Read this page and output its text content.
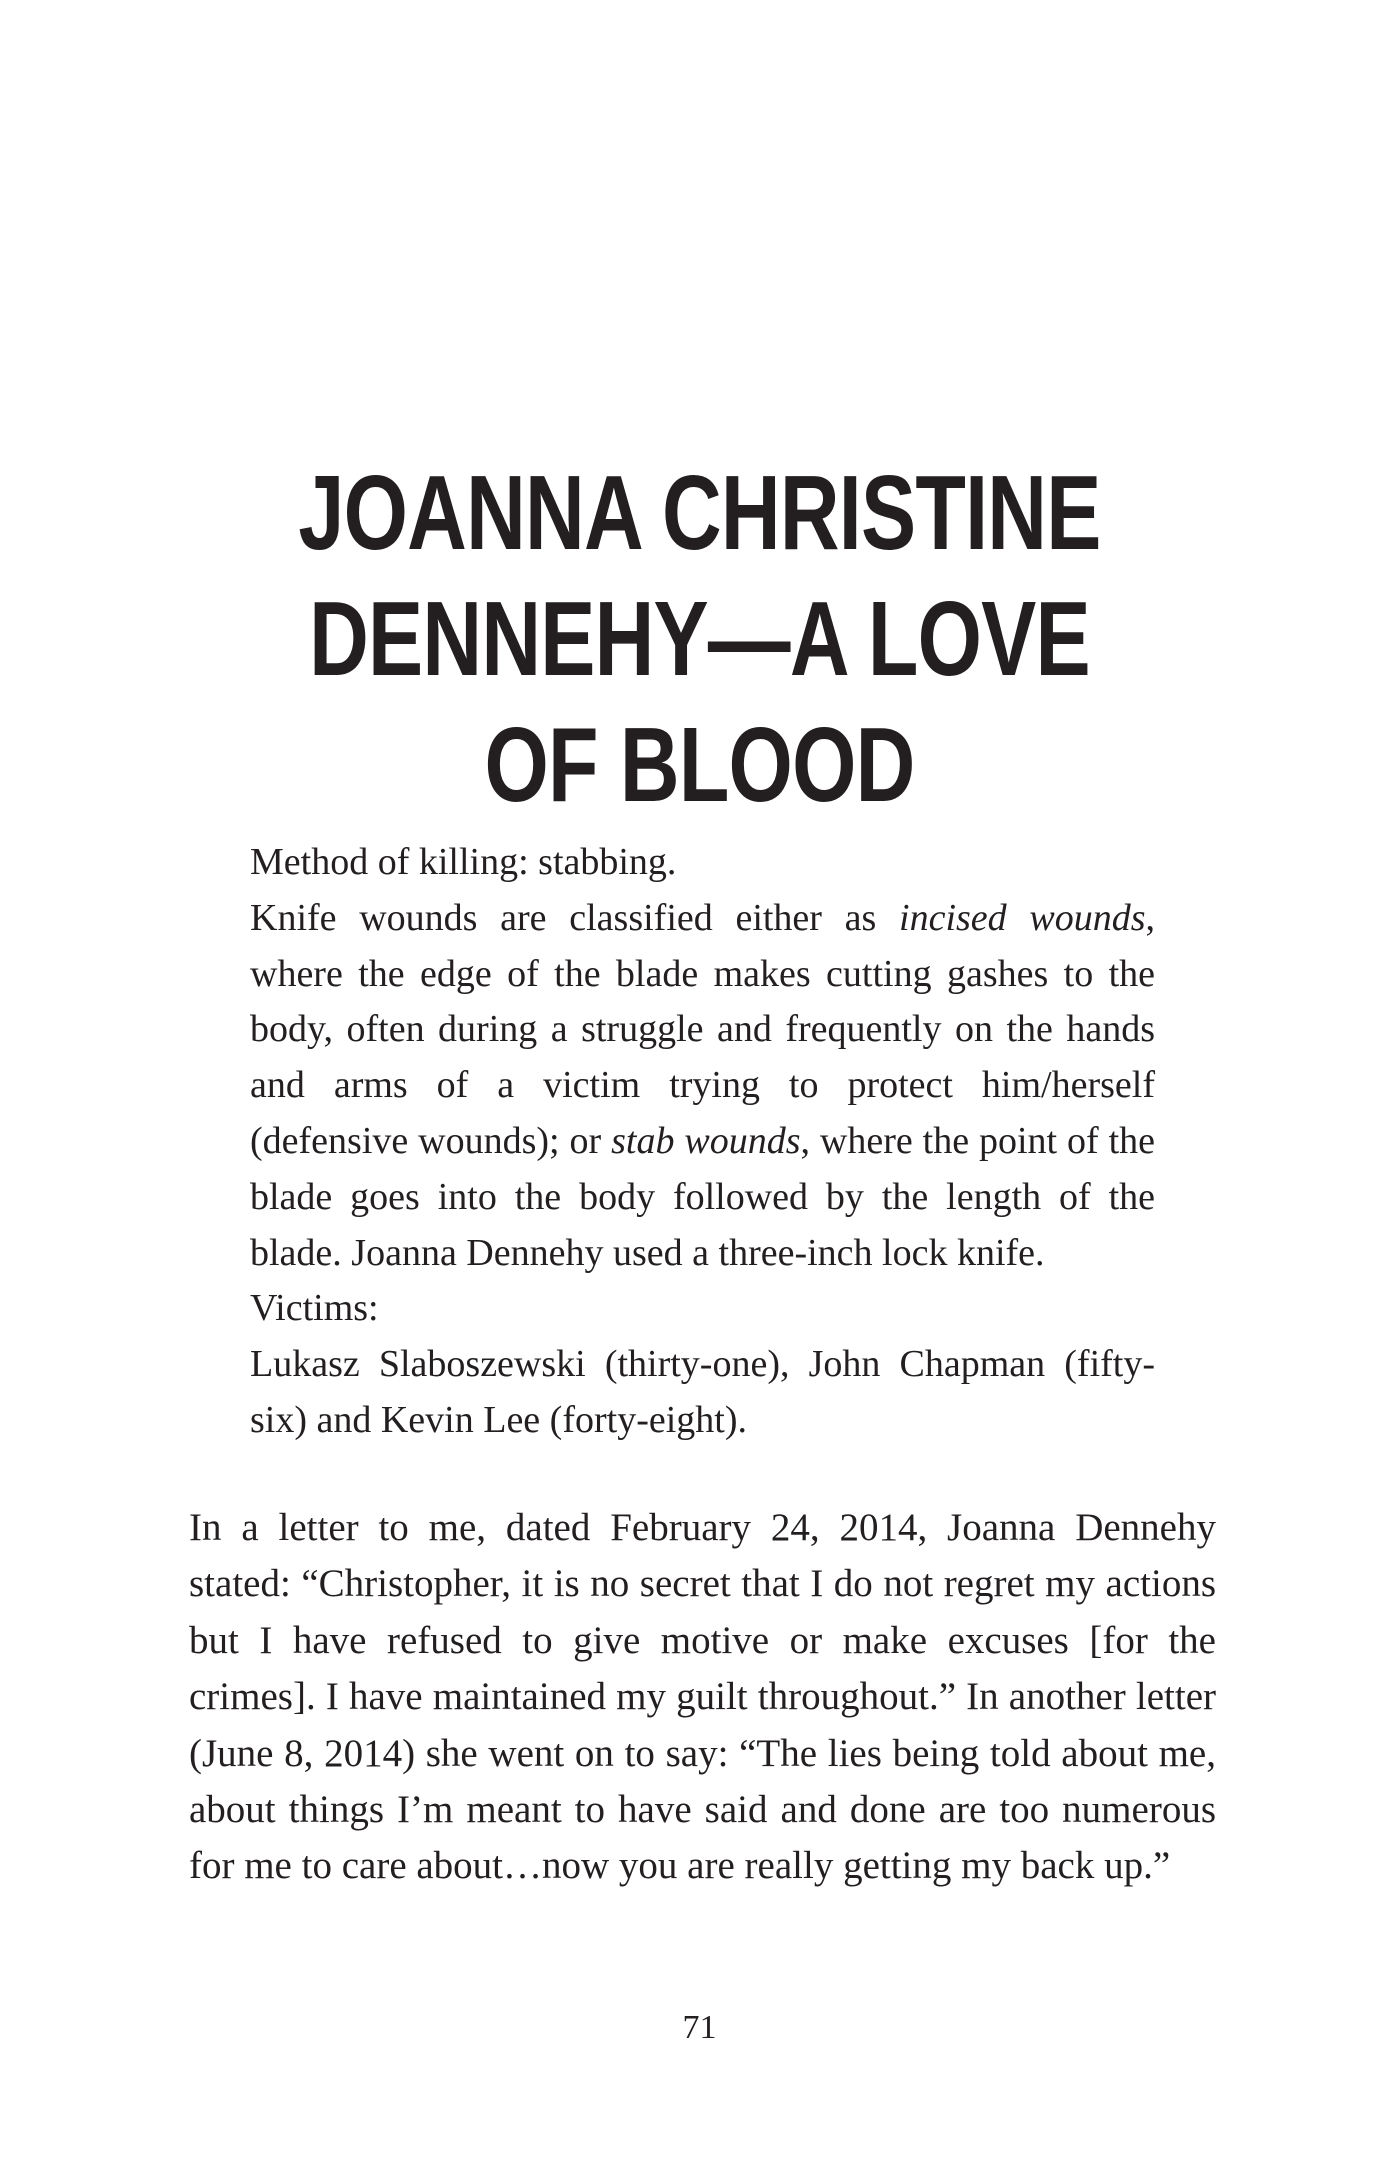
JOANNA CHRISTINE
DENNEHY—A LOVE
OF BLOOD

Method of killing: stabbing.

Knife wounds are classified either as incised wounds, where the edge of the blade makes cutting gashes to the body, often during a struggle and frequently on the hands and arms of a victim trying to protect him/herself (defensive wounds); or stab wounds, where the point of the blade goes into the body followed by the length of the blade. Joanna Dennehy used a three-inch lock knife.

Victims:

Lukasz Slaboszewski (thirty-one), John Chapman (fifty-six) and Kevin Lee (forty-eight).

In a letter to me, dated February 24, 2014, Joanna Dennehy stated: “Christopher, it is no secret that I do not regret my actions but I have refused to give motive or make excuses [for the crimes]. I have maintained my guilt throughout.” In another letter (June 8, 2014) she went on to say: “The lies being told about me, about things I’m meant to have said and done are too numerous for me to care about…now you are really getting my back up.”

71
